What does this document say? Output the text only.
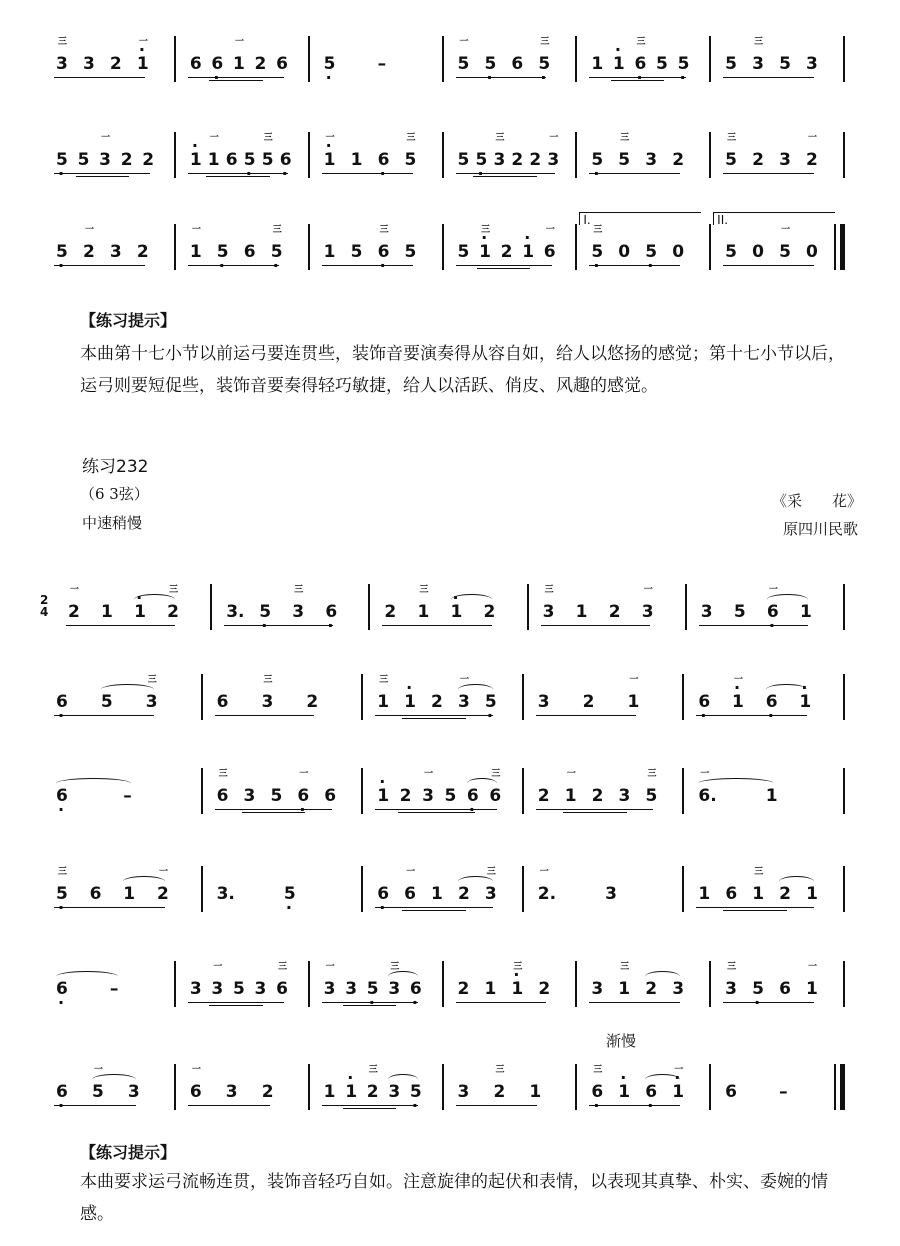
【练习提示】
本曲第十七小节以前运弓要连贯些，装饰音要演奏得从容自如，给人以悠扬的感觉；第十七小节以后，运弓则要短促些，装饰音要奏得轻巧敏捷，给人以活跃、俏皮、风趣的感觉。
练习232
（6 3弦）
中速稍慢
《采　　花》
原四川民歌
渐慢
【练习提示】
本曲要求运弓流畅连贯，装饰音轻巧自如。注意旋律的起伏和表情，以表现其真挚、朴实、委婉的情感。
3
三
3 2 · 1
一
6 6 · 1
一
2 6 5 · –	5
一
5 · 6 5 ·
三
1 · 1 6 ·
三
5 5 · 5 3
三
5 3
5 · 5 3
一
2 2 · 1 1
一
6 5 · 5
三
6 · · 1
一
1 6 · 5
三
5 5 · 3
三
2 2 3
一
5 · 5
三
3 2 5
三
2 3 2
一
5 · 2
一
3 2 1
一
5 · 6 5 ·
三
1 5 6 ·
三
5 5 · 1
三
2 · 1 6
一
I.
5 ·
三
0 5 · 0
II.
5 0 5
一
0
2
4 2
一
1 · 1 2
三
3. 5 · 3
三
6 ·	2 1
三
· 1 2	3
三
1 2 3
一
3 5 6 ·
一
1
6 · 5 3
三
6 3
三
2	1
三
· 1 2 3
一
5 · 3 2 1
一
6 · · 1
一
6 · · 1
6 ·	–	6
三
3 5 6 ·
一
6 · 1 2 3
一
5 6 · 6
三
2 1
一
2 3 5
三
6.
一
1
5 ·
三
6 1 2
一
3.	5 ·	6 · 6
一
1 2 3
三
2.
一
3	1 6 1
三
2 1
6 · –	3 3
一
5 3 6
三
3
一
3 5 · 3
三
6 · 2 1 · 1
三
2 3 1
三
2 3 3
三
5 · 6 1
一
6 · 5
一
3	6
一
3 2	1 · 1 2
三
3 5 · 3 2
三
1	6 ·
三
· 1 6 · · 1
一
6 –
